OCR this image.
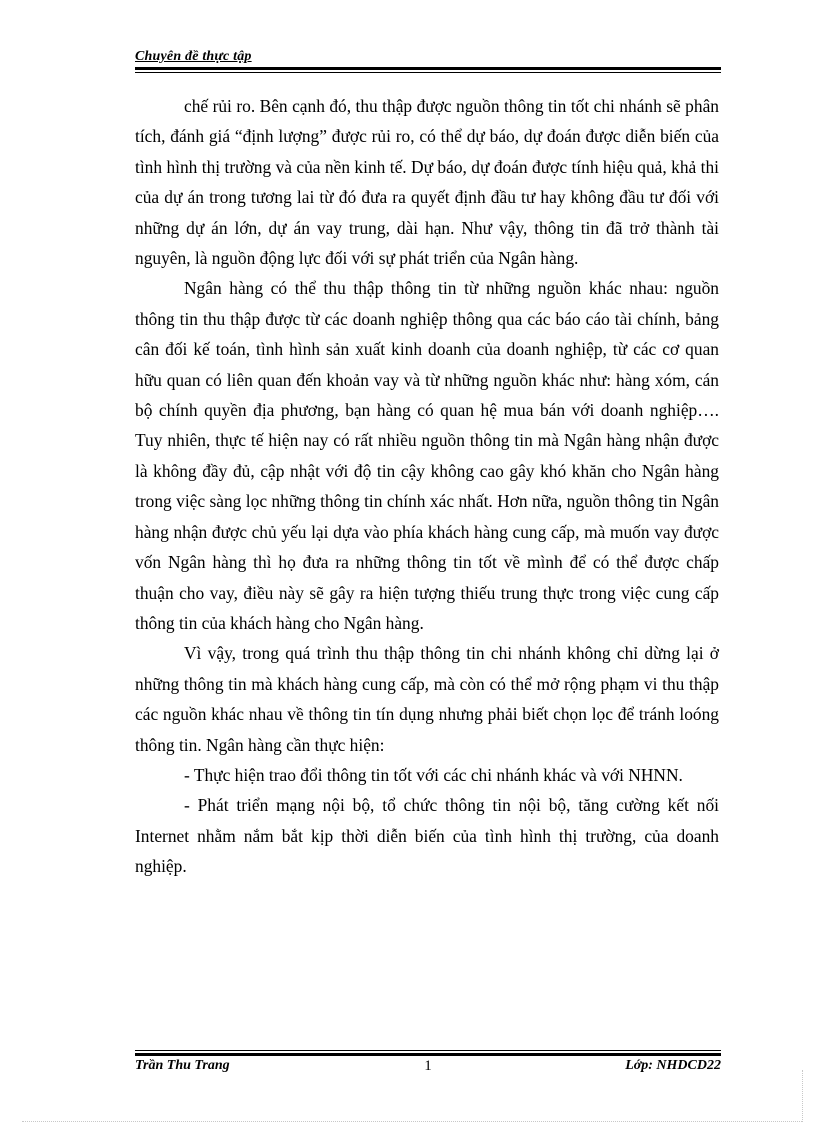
Chuyên đề thực tập

chế rủi ro. Bên cạnh đó, thu thập được nguồn thông tin tốt chi nhánh sẽ phân tích, đánh giá “định lượng” được rủi ro, có thể dự báo, dự đoán được diễn biến của tình hình thị trường và của nền kinh tế. Dự báo, dự đoán được tính hiệu quả, khả thi của dự án trong tương lai từ đó đưa ra quyết định đầu tư hay không đầu tư đối với những dự án lớn, dự án vay trung, dài hạn. Như vậy, thông tin đã trở thành tài nguyên, là nguồn động lực đối với sự phát triển của Ngân hàng.

Ngân hàng có thể thu thập thông tin từ những nguồn khác nhau: nguồn thông tin thu thập được từ các doanh nghiệp thông qua các báo cáo tài chính, bảng cân đối kế toán, tình hình sản xuất kinh doanh của doanh nghiệp, từ các cơ quan hữu quan có liên quan đến khoản vay và từ những nguồn khác như: hàng xóm, cán bộ chính quyền địa phương, bạn hàng có quan hệ mua bán với doanh nghiệp…. Tuy nhiên, thực tế hiện nay có rất nhiều nguồn thông tin mà Ngân hàng nhận được là không đầy đủ, cập nhật với độ tin cậy không cao gây khó khăn cho Ngân hàng trong việc sàng lọc những thông tin chính xác nhất. Hơn nữa, nguồn thông tin Ngân hàng nhận được chủ yếu lại dựa vào phía khách hàng cung cấp, mà muốn vay được vốn Ngân hàng thì họ đưa ra những thông tin tốt về mình để có thể được chấp thuận cho vay, điều này sẽ gây ra hiện tượng thiếu trung thực trong việc cung cấp thông tin của khách hàng cho Ngân hàng.

Vì vậy, trong quá trình thu thập thông tin chi nhánh không chỉ dừng lại ở những thông tin mà khách hàng cung cấp, mà còn có thể mở rộng phạm vi thu thập các nguồn khác nhau về thông tin tín dụng nhưng phải biết chọn lọc để tránh loóng thông tin. Ngân hàng cần thực hiện:

- Thực hiện trao đổi thông tin tốt với các chi nhánh khác và với NHNN.

- Phát triển mạng nội bộ, tổ chức thông tin nội bộ, tăng cường kết nối Internet nhằm nắm bắt kịp thời diễn biến của tình hình thị trường, của doanh nghiệp.

Trần Thu Trang	1	Lớp: NHDCD22
